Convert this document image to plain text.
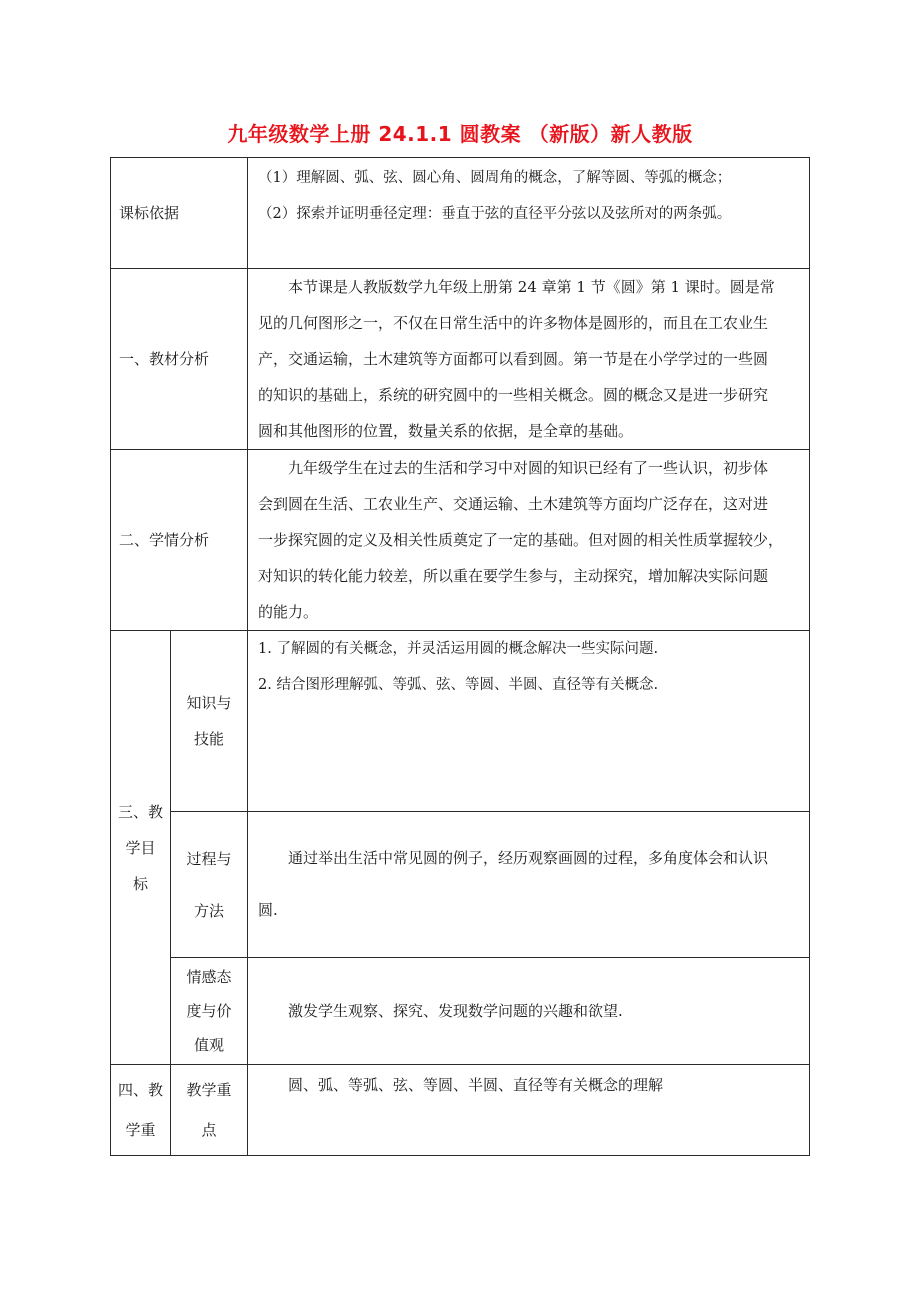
九年级数学上册 24.1.1 圆教案 （新版）新人教版
课标依据
（1）理解圆、弧、弦、圆心角、圆周角的概念，了解等圆、等弧的概念；
（2）探索并证明垂径定理：垂直于弦的直径平分弦以及弦所对的两条弧。
一、教材分析
本节课是人教版数学九年级上册第 24 章第 1 节《圆》第 1 课时。圆是常
见的几何图形之一，不仅在日常生活中的许多物体是圆形的，而且在工农业生
产，交通运输，土木建筑等方面都可以看到圆。第一节是在小学学过的一些圆
的知识的基础上，系统的研究圆中的一些相关概念。圆的概念又是进一步研究
圆和其他图形的位置，数量关系的依据，是全章的基础。
二、学情分析
九年级学生在过去的生活和学习中对圆的知识已经有了一些认识，初步体
会到圆在生活、工农业生产、交通运输、土木建筑等方面均广泛存在，这对进
一步探究圆的定义及相关性质奠定了一定的基础。但对圆的相关性质掌握较少，
对知识的转化能力较差，所以重在要学生参与，主动探究，增加解决实际问题
的能力。
三、教
学目
标
知识与
技能
1. 了解圆的有关概念，并灵活运用圆的概念解决一些实际问题.
2. 结合图形理解弧、等弧、弦、等圆、半圆、直径等有关概念.
过程与
方法
通过举出生活中常见圆的例子，经历观察画圆的过程，多角度体会和认识
圆.
情感态
度与价
值观
激发学生观察、探究、发现数学问题的兴趣和欲望.
四、教
学重
教学重
点
圆、弧、等弧、弦、等圆、半圆、直径等有关概念的理解
